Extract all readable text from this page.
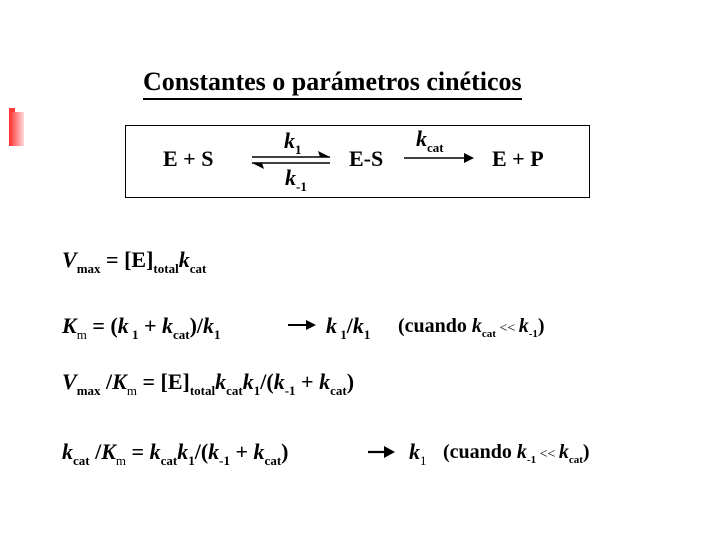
Constantes o parámetros cinéticos
E + S
$k_1$
$k_{-1}$
E-S
$k_{cat}$ E + P
$V_{max} = [E]_{total}k_{cat}$
$K_m = (k$ $_1 + k_{cat})/k_1$	k $_1/k_1$ (cuando $k_{cat} << k_{-1}$)
$V_{max}$ $/K_m = [E]_{total}k_{cat}k_1/(k_{-1} + k_{cat})$
$k_{cat}$ $/K_m = k_{cat}k_1/(k_{-1} + k_{cat})$	$k_1$ (cuando $k_{-1} << k_{cat}$)
